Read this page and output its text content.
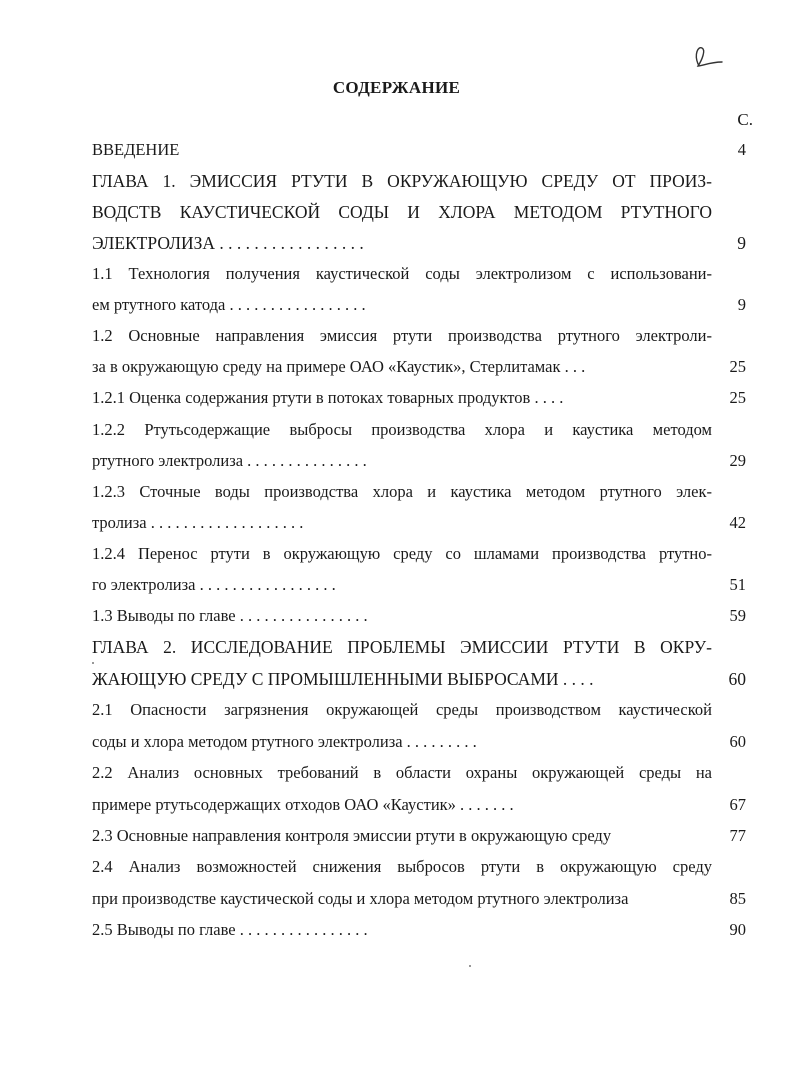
СОДЕРЖАНИЕ
С.
ВВЕДЕНИЕ	4
ГЛАВА 1. ЭМИССИЯ РТУТИ В ОКРУЖАЮЩУЮ СРЕДУ ОТ ПРОИЗ-
ВОДСТВ КАУСТИЧЕСКОЙ СОДЫ И ХЛОРА МЕТОДОМ РТУТНОГО
ЭЛЕКТРОЛИЗА . . . . . . . . . . . . . . . . .	9
1.1 Технология получения каустической соды электролизом с использовани-
ем ртутного катода . . . . . . . . . . . . . . . . .	9
1.2 Основные направления эмиссия ртути производства ртутного электроли-
за в окружающую среду на примере ОАО «Каустик», Стерлитамак . . .	25
1.2.1 Оценка содержания ртути в потоках товарных продуктов . . . .	25
1.2.2 Ртутьсодержащие выбросы производства хлора и каустика методом
ртутного электролиза . . . . . . . . . . . . . . .	29
1.2.3 Сточные воды производства хлора и каустика методом ртутного элек-
тролиза . . . . . . . . . . . . . . . . . . .	42
1.2.4 Перенос ртути в окружающую среду со шламами производства ртутно-
го электролиза . . . . . . . . . . . . . . . . .	51
1.3 Выводы по главе . . . . . . . . . . . . . . . .	59
ГЛАВА 2. ИССЛЕДОВАНИЕ ПРОБЛЕМЫ ЭМИССИИ РТУТИ В ОКРУ-
ЖАЮЩУЮ СРЕДУ С ПРОМЫШЛЕННЫМИ ВЫБРОСАМИ . . . .	60
2.1 Опасности загрязнения окружающей среды производством каустической
соды и хлора методом ртутного электролиза . . . . . . . . .	60
2.2 Анализ основных требований в области охраны окружающей среды на
примере ртутьсодержащих отходов ОАО «Каустик» . . . . . . .	67
2.3 Основные направления контроля эмиссии ртути в окружающую среду	77
2.4 Анализ возможностей снижения выбросов ртути в окружающую среду
при производстве каустической соды и хлора методом ртутного электролиза	85
2.5 Выводы по главе . . . . . . . . . . . . . . . .	90
